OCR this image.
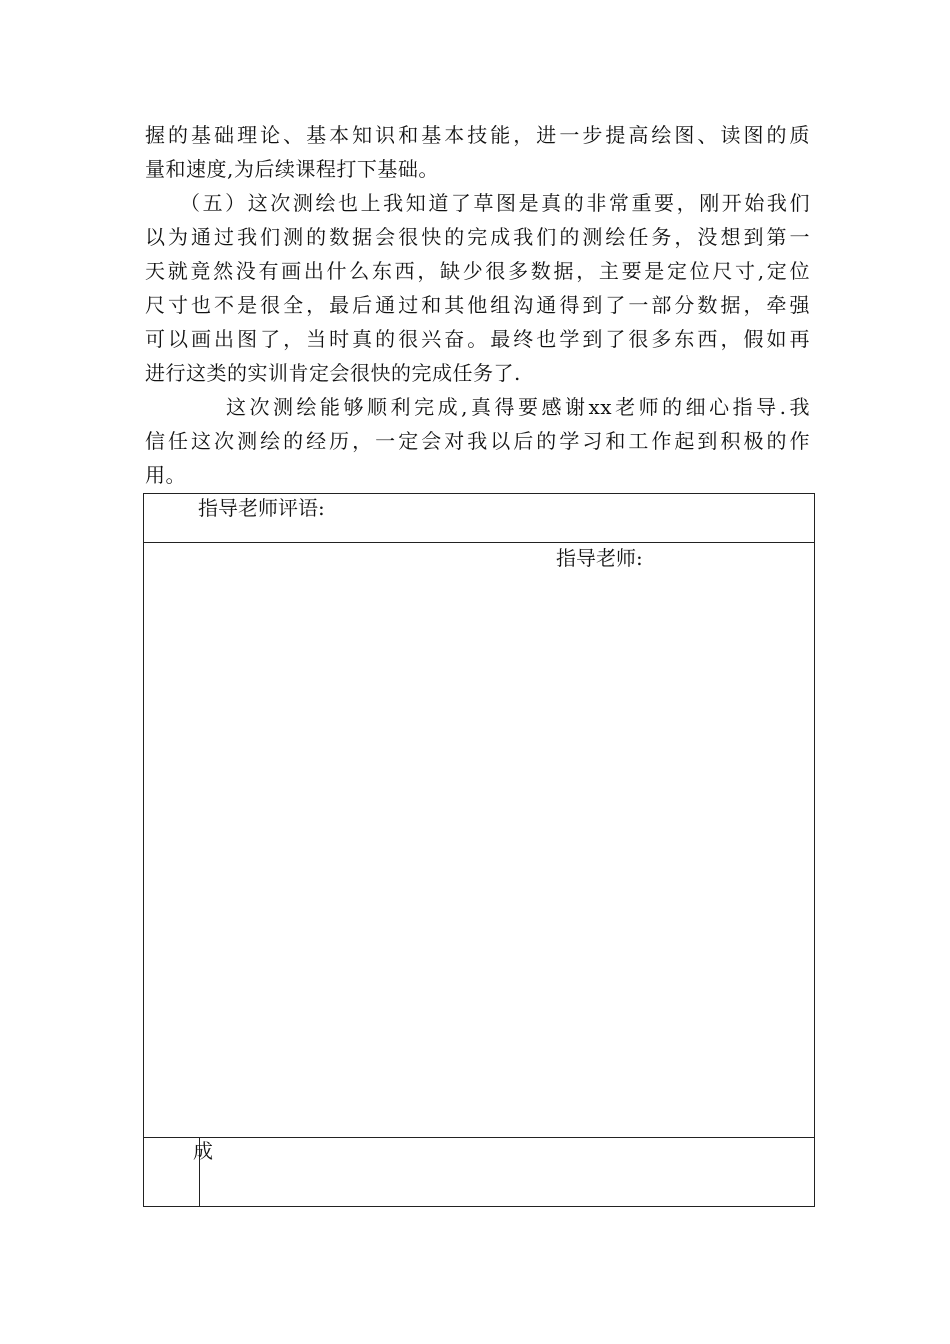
握的基础理论、基本知识和基本技能，进一步提高绘图、读图的质
量和速度,为后续课程打下基础。
（五）这次测绘也上我知道了草图是真的非常重要，刚开始我们
以为通过我们测的数据会很快的完成我们的测绘任务，没想到第一
天就竟然没有画出什么东西，缺少很多数据，主要是定位尺寸,定位
尺寸也不是很全，最后通过和其他组沟通得到了一部分数据，牵强
可以画出图了，当时真的很兴奋。最终也学到了很多东西，假如再
进行这类的实训肯定会很快的完成任务了.
这次测绘能够顺利完成,真得要感谢xx老师的细心指导.我
信任这次测绘的经历，一定会对我以后的学习和工作起到积极的作
用。
指导老师评语:
指导老师:
成
